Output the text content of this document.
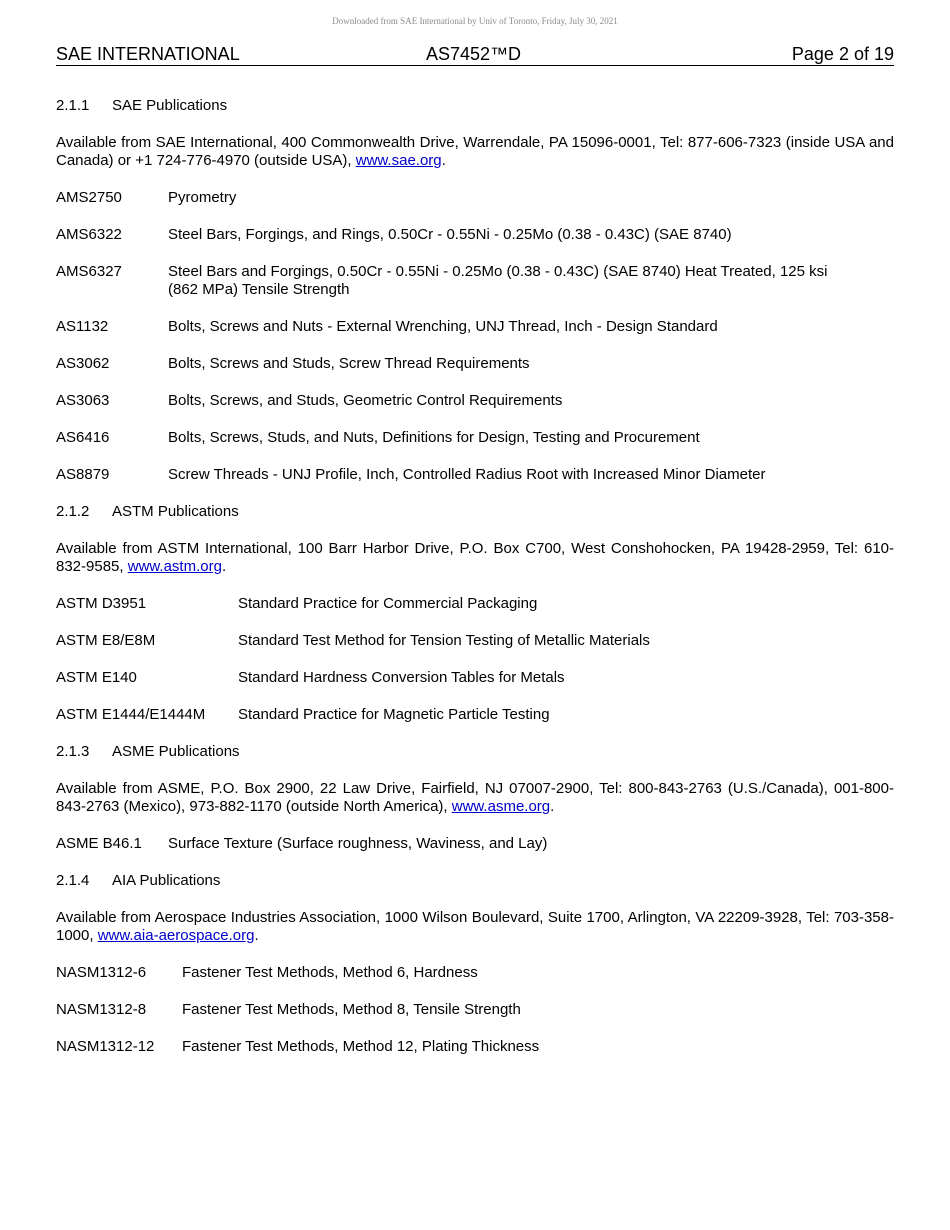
Downloaded from SAE International by Univ of Toronto, Friday, July 30, 2021
SAE INTERNATIONAL	AS7452™D	Page 2 of 19
2.1.1 SAE Publications

Available from SAE International, 400 Commonwealth Drive, Warrendale, PA 15096-0001, Tel: 877-606-7323 (inside USA and Canada) or +1 724-776-4970 (outside USA), www.sae.org.

AMS2750	Pyrometry
AMS6322	Steel Bars, Forgings, and Rings, 0.50Cr - 0.55Ni - 0.25Mo (0.38 - 0.43C) (SAE 8740)
AMS6327	Steel Bars and Forgings, 0.50Cr - 0.55Ni - 0.25Mo (0.38 - 0.43C) (SAE 8740) Heat Treated, 125 ksi (862 MPa) Tensile Strength
AS1132	Bolts, Screws and Nuts - External Wrenching, UNJ Thread, Inch - Design Standard
AS3062	Bolts, Screws and Studs, Screw Thread Requirements
AS3063	Bolts, Screws, and Studs, Geometric Control Requirements
AS6416	Bolts, Screws, Studs, and Nuts, Definitions for Design, Testing and Procurement
AS8879	Screw Threads - UNJ Profile, Inch, Controlled Radius Root with Increased Minor Diameter
2.1.2 ASTM Publications

Available from ASTM International, 100 Barr Harbor Drive, P.O. Box C700, West Conshohocken, PA 19428-2959, Tel: 610-832-9585, www.astm.org.

ASTM D3951	Standard Practice for Commercial Packaging
ASTM E8/E8M	Standard Test Method for Tension Testing of Metallic Materials
ASTM E140	Standard Hardness Conversion Tables for Metals
ASTM E1444/E1444M	Standard Practice for Magnetic Particle Testing
2.1.3 ASME Publications

Available from ASME, P.O. Box 2900, 22 Law Drive, Fairfield, NJ 07007-2900, Tel: 800-843-2763 (U.S./Canada), 001-800-843-2763 (Mexico), 973-882-1170 (outside North America), www.asme.org.

ASME B46.1	Surface Texture (Surface roughness, Waviness, and Lay)
2.1.4 AIA Publications

Available from Aerospace Industries Association, 1000 Wilson Boulevard, Suite 1700, Arlington, VA 22209-3928, Tel: 703-358-1000, www.aia-aerospace.org.

NASM1312-6	Fastener Test Methods, Method 6, Hardness
NASM1312-8	Fastener Test Methods, Method 8, Tensile Strength
NASM1312-12	Fastener Test Methods, Method 12, Plating Thickness
